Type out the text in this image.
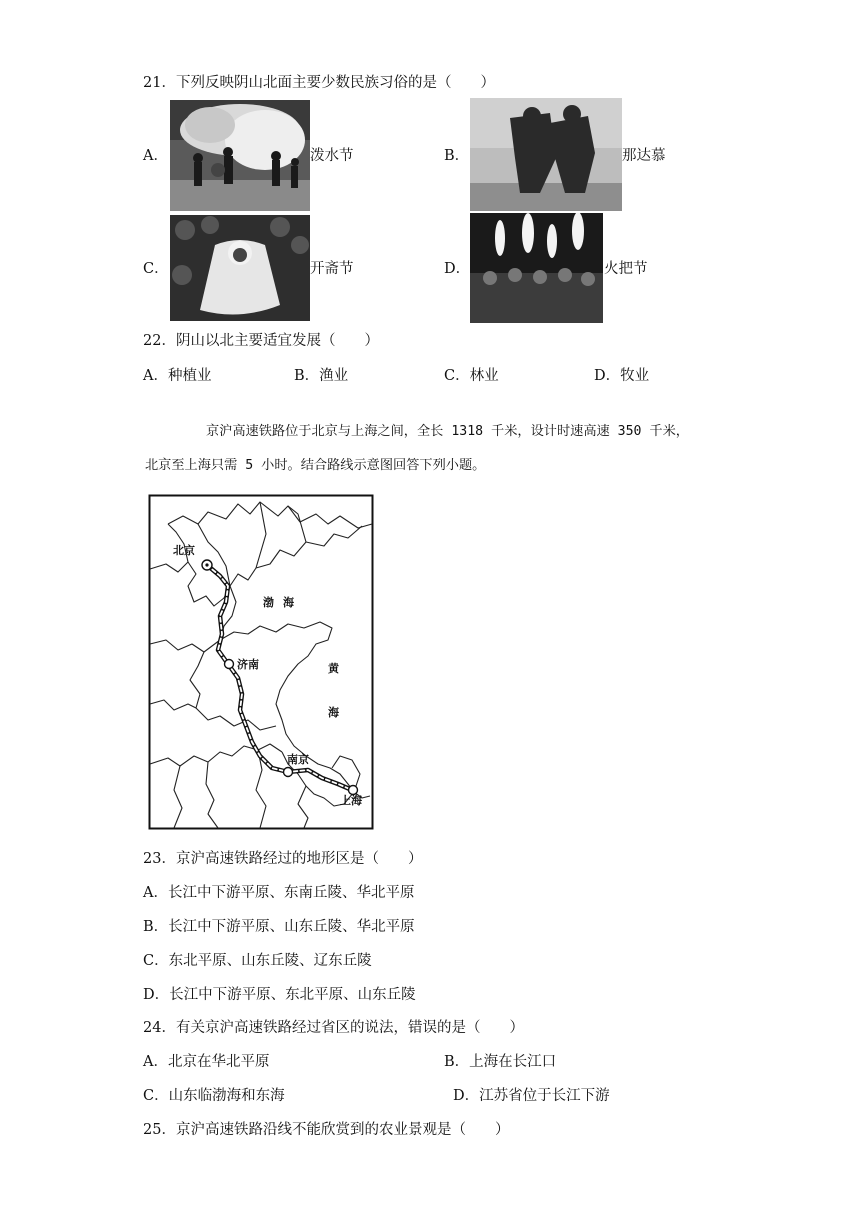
21．下列反映阴山北面主要少数民族习俗的是（　　）
A．	泼水节	B．	那达慕
C．	开斋节	D．	火把节
22．阴山以北主要适宜发展（　　）
A．种植业	B．渔业	C．林业	D．牧业
京沪高速铁路位于北京与上海之间，全长 1318 千米，设计时速高速 350 千米，
北京至上海只需 5 小时。结合路线示意图回答下列小题。
北京
渤 海
济南	黄
海
南京
上海
23．京沪高速铁路经过的地形区是（　　）
A．长江中下游平原、东南丘陵、华北平原
B．长江中下游平原、山东丘陵、华北平原
C．东北平原、山东丘陵、辽东丘陵
D．长江中下游平原、东北平原、山东丘陵
24．有关京沪高速铁路经过省区的说法，错误的是（　　）
A．北京在华北平原	B．上海在长江口
C．山东临渤海和东海	D．江苏省位于长江下游
25．京沪高速铁路沿线不能欣赏到的农业景观是（　　）
